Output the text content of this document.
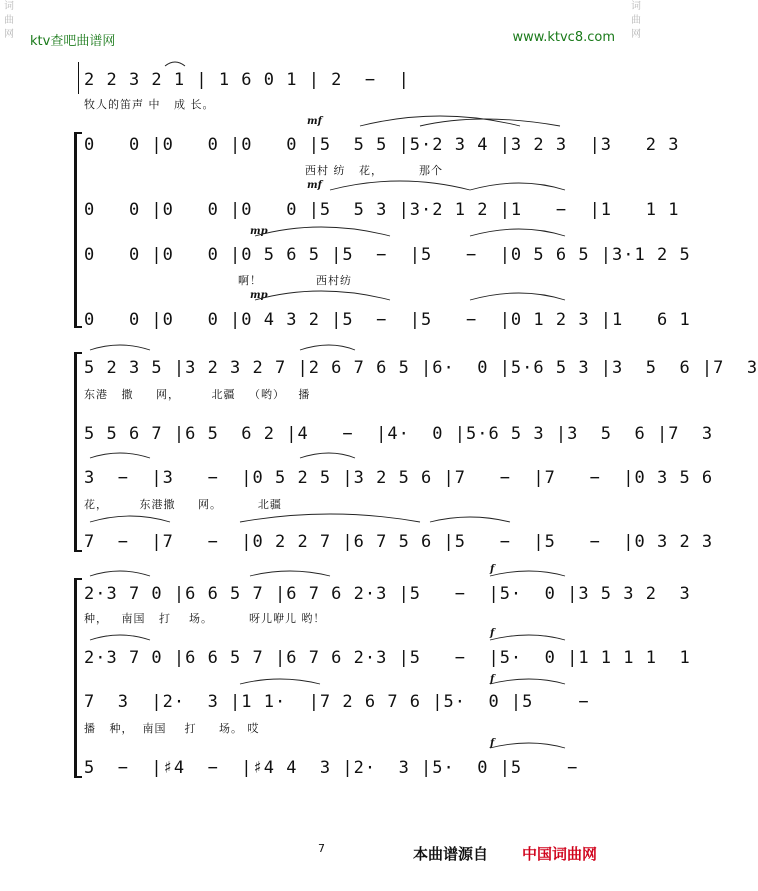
ktv查吧曲谱网	www.ktvc8.com
词曲网
词曲网
2 2 3 2 1 | 1 6 0 1 | 2  −  |
牧人的笛声 中   成 长。
mf
0   0 |0   0 |0   0 |5  5 5 |5·2 3 4 |3 2 3  |3   2 3
西村 纺   花，        那个
mf
0   0 |0   0 |0   0 |5  5 3 |3·2 1 2 |1   −  |1   1 1
mp
0   0 |0   0 |0 5 6 5 |5  −  |5   −  |0 5 6 5 |3·1 2 5
啊！            西村纺
mp
0   0 |0   0 |0 4 3 2 |5  −  |5   −  |0 1 2 3 |1   6 1
5 2 3 5 |3 2 3 2 7 |2 6 7 6 5 |6·  0 |5·6 5 3 |3  5  6 |7  3
东港   撒     网，       北疆   （哟）   播
5 5 6 7 |6 5  6 2 |4   −  |4·  0 |5·6 5 3 |3  5  6 |7  3
3  −  |3   −  |0 5 2 5 |3 2 5 6 |7   −  |7   −  |0 3 5 6
花，       东港撒     网。        北疆
7  −  |7   −  |0 2 2 7 |6 7 5 6 |5   −  |5   −  |0 3 2 3
f
2·3 7 0 |6 6 5 7 |6 7 6 2·3 |5   −  |5·  0 |3 5 3 2  3
种，   南国   打    场。        呀儿咿儿 哟！
f
2·3 7 0 |6 6 5 7 |6 7 6 2·3 |5   −  |5·  0 |1 1 1 1  1
f
7  3  |2·  3 |1 1·  |7 2 6 7 6 |5·  0 |5    −
播   种，  南国    打     场。 哎
f
5  −  |♯4  −  |♯4 4  3 |2·  3 |5·  0 |5    −
7	本曲谱源自 中国词曲网
